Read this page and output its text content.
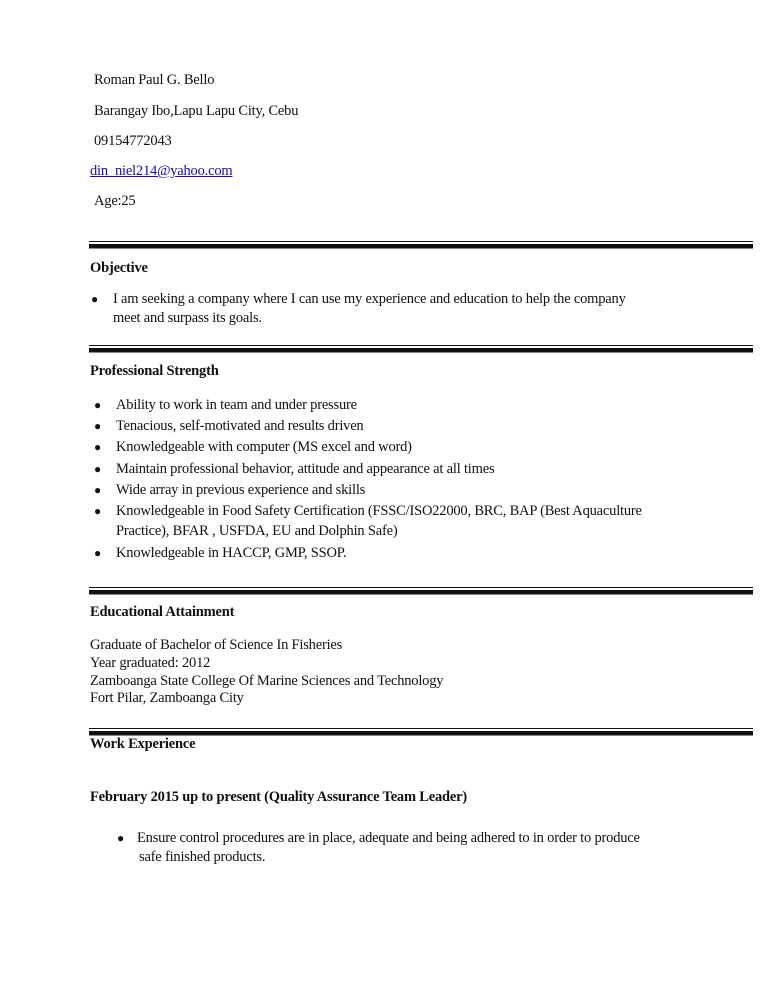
Roman Paul G. Bello
Barangay Ibo,Lapu Lapu City, Cebu
09154772043
din_niel214@yahoo.com
Age:25
Objective
● I am seeking a company where I can use my experience and education to help the company
meet and surpass its goals.
Professional Strength
● Ability to work in team and under pressure
● Tenacious, self-motivated and results driven
● Knowledgeable with computer (MS excel and word)
● Maintain professional behavior, attitude and appearance at all times
● Wide array in previous experience and skills
● Knowledgeable in Food Safety Certification (FSSC/ISO22000, BRC, BAP (Best Aquaculture
Practice), BFAR , USFDA, EU and Dolphin Safe)
● Knowledgeable in HACCP, GMP, SSOP.
Educational Attainment
Graduate of Bachelor of Science In Fisheries
Year graduated: 2012
Zamboanga State College Of Marine Sciences and Technology
Fort Pilar, Zamboanga City
Work Experience
February 2015 up to present (Quality Assurance Team Leader)
● Ensure control procedures are in place, adequate and being adhered to in order to produce
safe finished products.
